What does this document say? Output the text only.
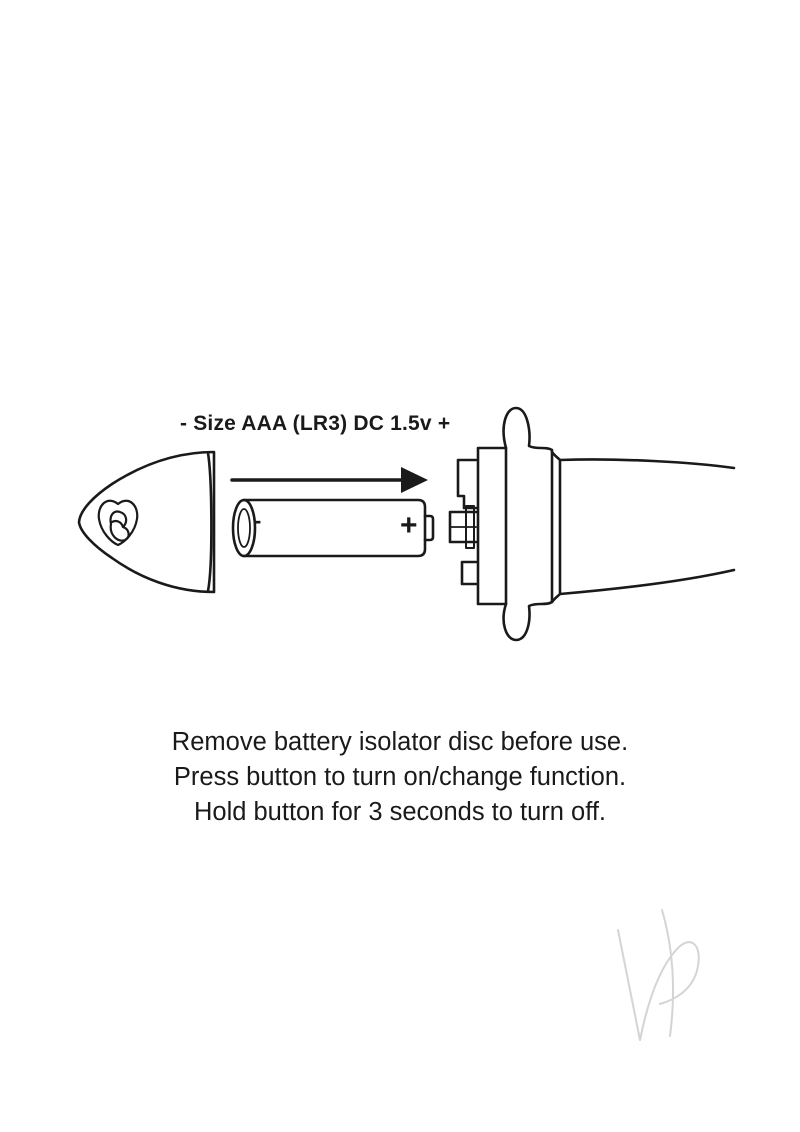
- Size AAA (LR3) DC 1.5v +
-	+
Remove battery isolator disc before use.
Press button to turn on/change function.
Hold button for 3 seconds to turn off.
